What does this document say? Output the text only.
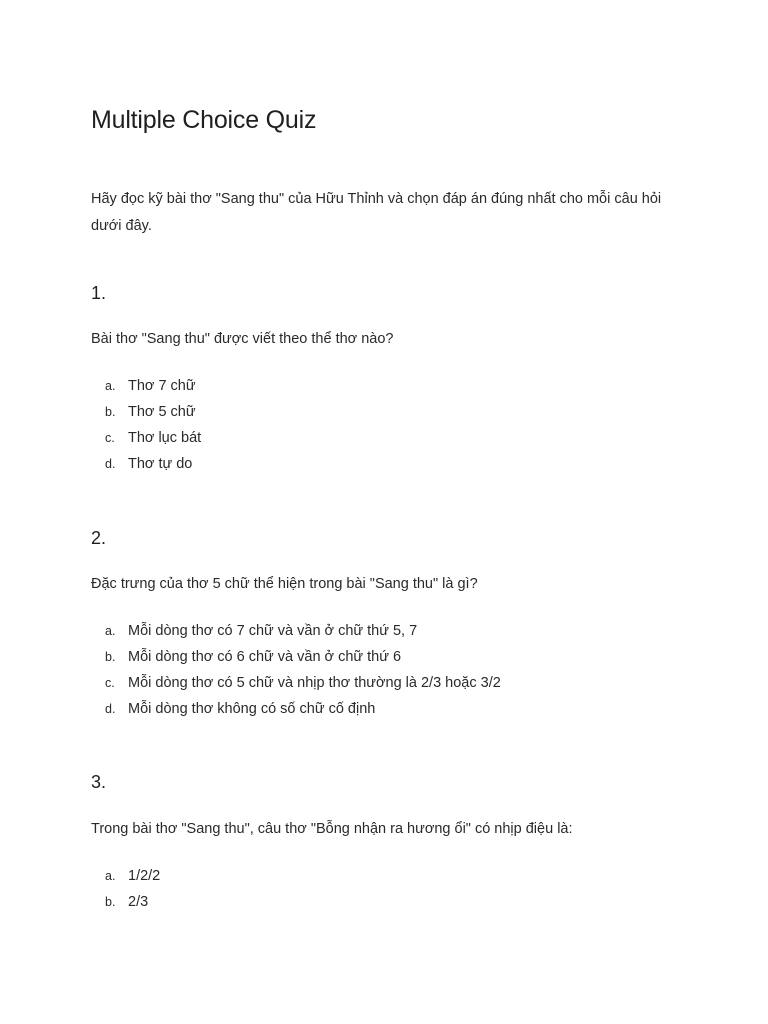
Multiple Choice Quiz
Hãy đọc kỹ bài thơ "Sang thu" của Hữu Thỉnh và chọn đáp án đúng nhất cho mỗi câu hỏi dưới đây.
1.
Bài thơ "Sang thu" được viết theo thể thơ nào?
a. Thơ 7 chữ
b. Thơ 5 chữ
c. Thơ lục bát
d. Thơ tự do
2.
Đặc trưng của thơ 5 chữ thể hiện trong bài "Sang thu" là gì?
a. Mỗi dòng thơ có 7 chữ và vần ở chữ thứ 5, 7
b. Mỗi dòng thơ có 6 chữ và vần ở chữ thứ 6
c. Mỗi dòng thơ có 5 chữ và nhịp thơ thường là 2/3 hoặc 3/2
d. Mỗi dòng thơ không có số chữ cố định
3.
Trong bài thơ "Sang thu", câu thơ "Bỗng nhận ra hương ổi" có nhịp điệu là:
a. 1/2/2
b. 2/3
